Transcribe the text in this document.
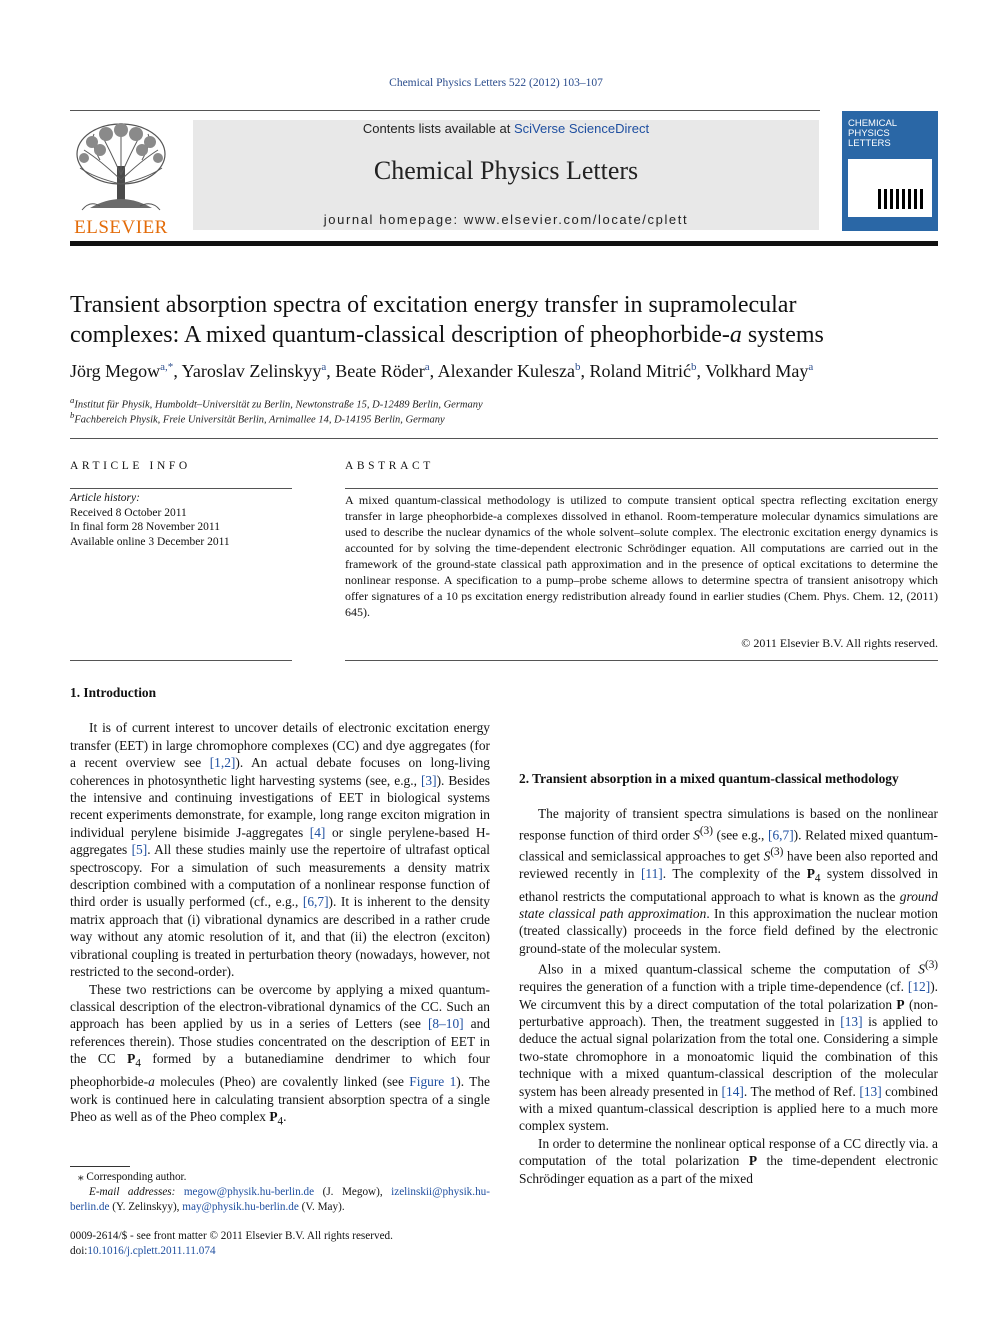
Chemical Physics Letters 522 (2012) 103–107
ELSEVIER
Contents lists available at SciVerse ScienceDirect
Chemical Physics Letters
journal homepage: www.elsevier.com/locate/cplett
CHEMICAL
PHYSICS
LETTERS
Transient absorption spectra of excitation energy transfer in supramolecular
complexes: A mixed quantum-classical description of pheophorbide-a systems
Jörg Megow$^{a,*}$, Yaroslav Zelinskyy$^a$, Beate Röder$^a$, Alexander Kulesza$^b$, Roland Mitrić$^b$, Volkhard May$^a$
$^a$Institut für Physik, Humboldt–Universität zu Berlin, Newtonstraße 15, D-12489 Berlin, Germany
$^b$Fachbereich Physik, Freie Universität Berlin, Arnimallee 14, D-14195 Berlin, Germany
ARTICLE INFO
Article history:
Received 8 October 2011
In final form 28 November 2011
Available online 3 December 2011
ABSTRACT
A mixed quantum-classical methodology is utilized to compute transient optical spectra reflecting excitation energy transfer in large pheophorbide-a complexes dissolved in ethanol. Room-temperature molecular dynamics simulations are used to describe the nuclear dynamics of the whole solvent–solute complex. The electronic excitation energy dynamics is accounted for by solving the time-dependent electronic Schrödinger equation. All computations are carried out in the framework of the ground-state classical path approximation and in the presence of optical excitations to determine the nonlinear response. A specification to a pump–probe scheme allows to determine spectra of transient anisotropy which offer signatures of a 10 ps excitation energy redistribution already found in earlier studies (Chem. Phys. Chem. 12, (2011) 645).
© 2011 Elsevier B.V. All rights reserved.
1. Introduction

It is of current interest to uncover details of electronic excitation energy transfer (EET) in large chromophore complexes (CC) and dye aggregates (for a recent overview see [1,2]). An actual debate focuses on long-living coherences in photosynthetic light harvesting systems (see, e.g., [3]). Besides the intensive and continuing investigations of EET in biological systems recent experiments demonstrate, for example, long range exciton migration in individual perylene bisimide J-aggregates [4] or single perylene-based H-aggregates [5]. All these studies mainly use the repertoire of ultrafast optical spectroscopy. For a simulation of such measurements a density matrix description combined with a computation of a nonlinear response function of third order is usually performed (cf., e.g., [6,7]). It is inherent to the density matrix approach that (i) vibrational dynamics are described in a rather crude way without any atomic resolution of it, and that (ii) the electron (exciton) vibrational coupling is treated in perturbation theory (nowadays, however, not restricted to the second-order).

These two restrictions can be overcome by applying a mixed quantum-classical description of the electron-vibrational dynamics of the CC. Such an approach has been applied by us in a series of Letters (see [8–10] and references therein). Those studies concentrated on the description of EET in the CC $P_4$ formed by a butanediamine dendrimer to which four pheophorbide-a molecules (Pheo) are covalently linked (see Figure 1). The work is continued here in calculating transient absorption spectra of a single Pheo as well as of the Pheo complex $P_4$.

⁎ Corresponding author.
E-mail addresses: megow@physik.hu-berlin.de (J. Megow), izelinskii@physik.hu-berlin.de (Y. Zelinskyy), may@physik.hu-berlin.de (V. May).
0009-2614/$ - see front matter © 2011 Elsevier B.V. All rights reserved.
doi:10.1016/j.cplett.2011.11.074
2. Transient absorption in a mixed quantum-classical methodology

The majority of transient spectra simulations is based on the nonlinear response function of third order $S^{(3)}$ (see e.g., [6,7]). Related mixed quantum-classical and semiclassical approaches to get $S^{(3)}$ have been also reported and reviewed recently in [11]. The complexity of the $P_4$ system dissolved in ethanol restricts the computational approach to what is known as the ground state classical path approximation. In this approximation the nuclear motion (treated classically) proceeds in the force field defined by the electronic ground-state of the molecular system.

Also in a mixed quantum-classical scheme the computation of $S^{(3)}$ requires the generation of a function with a triple time-dependence (cf. [12]). We circumvent this by a direct computation of the total polarization P (non-perturbative approach). Then, the treatment suggested in [13] is applied to deduce the actual signal polarization from the total one. Considering a simple two-state chromophore in a monoatomic liquid the combination of this technique with a mixed quantum-classical description of the molecular system has been already presented in [14]. The method of Ref. [13] combined with a mixed quantum-classical description is applied here to a much more complex system.

In order to determine the nonlinear optical response of a CC directly via. a computation of the total polarization P the time-dependent electronic Schrödinger equation as a part of the mixed
